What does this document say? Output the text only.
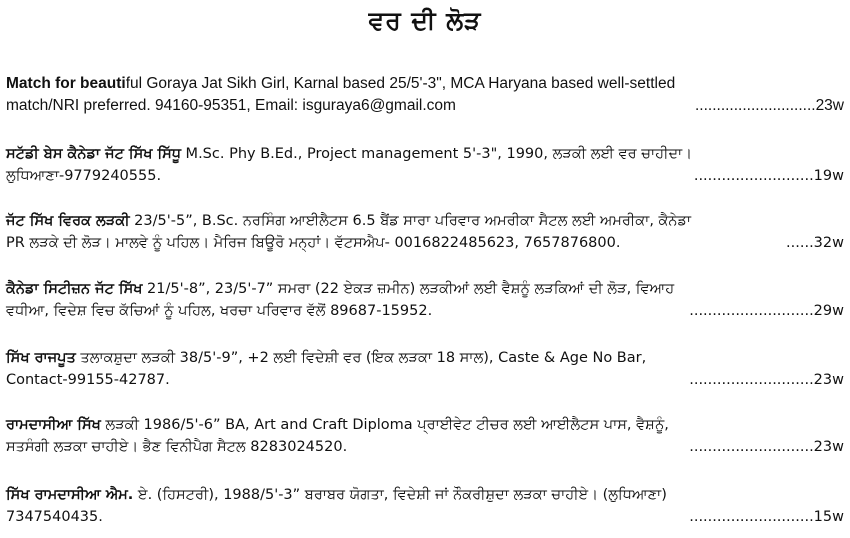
ਵਰ ਦੀ ਲੋੜ
Match for beautiful Goraya Jat Sikh Girl, Karnal based 25/5'-3", MCA Haryana based well-settled
match/NRI preferred. 94160-95351, Email: isguraya6@gmail.com	............................23w
ਸਟੱਡੀ ਬੇਸ ਕੈਨੇਡਾ ਜੱਟ ਸਿੱਖ ਸਿੱਧੂ M.Sc. Phy B.Ed., Project management 5'-3", 1990, ਲੜਕੀ ਲਈ ਵਰ ਚਾਹੀਦਾ।
ਲੁਧਿਆਣਾ-9779240555.	..........................19w
ਜੱਟ ਸਿੱਖ ਵਿਰਕ ਲੜਕੀ 23/5'-5”, B.Sc. ਨਰਸਿੰਗ ਆਈਲੈਟਸ 6.5 ਬੈਂਡ ਸਾਰਾ ਪਰਿਵਾਰ ਅਮਰੀਕਾ ਸੈਟਲ ਲਈ ਅਮਰੀਕਾ, ਕੈਨੇਡਾ
PR ਲੜਕੇ ਦੀ ਲੋੜ। ਮਾਲਵੇ ਨੂੰ ਪਹਿਲ। ਮੈਰਿਜ ਬਿਊਰੋ ਮਨ੍ਹਾਂ। ਵੱਟਸਐਪ- 0016822485623, 7657876800.	......32w
ਕੈਨੇਡਾ ਸਿਟੀਜ਼ਨ ਜੱਟ ਸਿੱਖ 21/5'-8”, 23/5'-7” ਸਮਰਾ (22 ਏਕੜ ਜ਼ਮੀਨ) ਲੜਕੀਆਂ ਲਈ ਵੈਸ਼ਨੂੰ ਲੜਕਿਆਂ ਦੀ ਲੋੜ, ਵਿਆਹ
ਵਧੀਆ, ਵਿਦੇਸ਼ ਵਿਚ ਕੱਚਿਆਂ ਨੂੰ ਪਹਿਲ, ਖਰਚਾ ਪਰਿਵਾਰ ਵੱਲੋਂ 89687-15952.	...........................29w
ਸਿੱਖ ਰਾਜਪੂਤ ਤਲਾਕਸ਼ੁਦਾ ਲੜਕੀ 38/5'-9”, +2 ਲਈ ਵਿਦੇਸ਼ੀ ਵਰ (ਇਕ ਲੜਕਾ 18 ਸਾਲ), Caste & Age No Bar,
Contact-99155-42787.	...........................23w
ਰਾਮਦਾਸੀਆ ਸਿੱਖ ਲੜਕੀ 1986/5'-6” BA, Art and Craft Diploma ਪ੍ਰਾਈਵੇਟ ਟੀਚਰ ਲਈ ਆਈਲੈਟਸ ਪਾਸ, ਵੈਸ਼ਨੂੰ,
ਸਤਸੰਗੀ ਲੜਕਾ ਚਾਹੀਏ। ਭੈਣ ਵਿਨੀਪੈਗ ਸੈਟਲ 8283024520.	...........................23w
ਸਿੱਖ ਰਾਮਦਾਸੀਆ ਐਮ. ਏ. (ਹਿਸਟਰੀ), 1988/5'-3” ਬਰਾਬਰ ਯੋਗਤਾ, ਵਿਦੇਸ਼ੀ ਜਾਂ ਨੌਕਰੀਸ਼ੁਦਾ ਲੜਕਾ ਚਾਹੀਏ। (ਲੁਧਿਆਣਾ)
7347540435.	...........................15w
